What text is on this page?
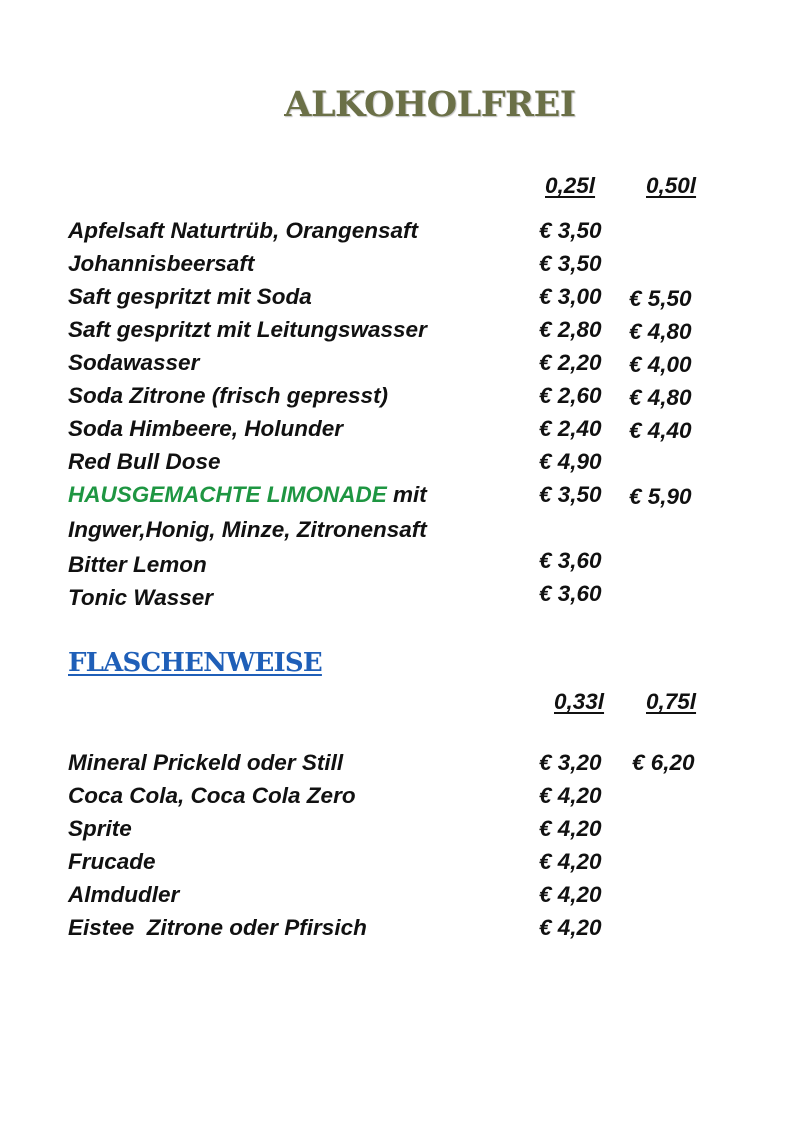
ALKOHOLFREI
0,25l 0,50l
Apfelsaft Naturtrüb, Orangensaft	€ 3,50
Johannisbeersaft	€ 3,50
Saft gespritzt mit Soda	€ 3,00 € 5,50
Saft gespritzt mit Leitungswasser	€ 2,80 € 4,80
Sodawasser	€ 2,20 € 4,00
Soda Zitrone (frisch gepresst)	€ 2,60 € 4,80
Soda Himbeere, Holunder	€ 2,40 € 4,40
Red Bull Dose	€ 4,90
HAUSGEMACHTE LIMONADE mit	€ 3,50 € 5,90
Ingwer,Honig, Minze, Zitronensaft
Bitter Lemon	€ 3,60
Tonic Wasser	€ 3,60
FLASCHENWEISE
0,33l 0,75l
Mineral Prickeld oder Still	€ 3,20 € 6,20
Coca Cola, Coca Cola Zero	€ 4,20
Sprite	€ 4,20
Frucade	€ 4,20
Almdudler	€ 4,20
Eistee  Zitrone oder Pfirsich	€ 4,20
